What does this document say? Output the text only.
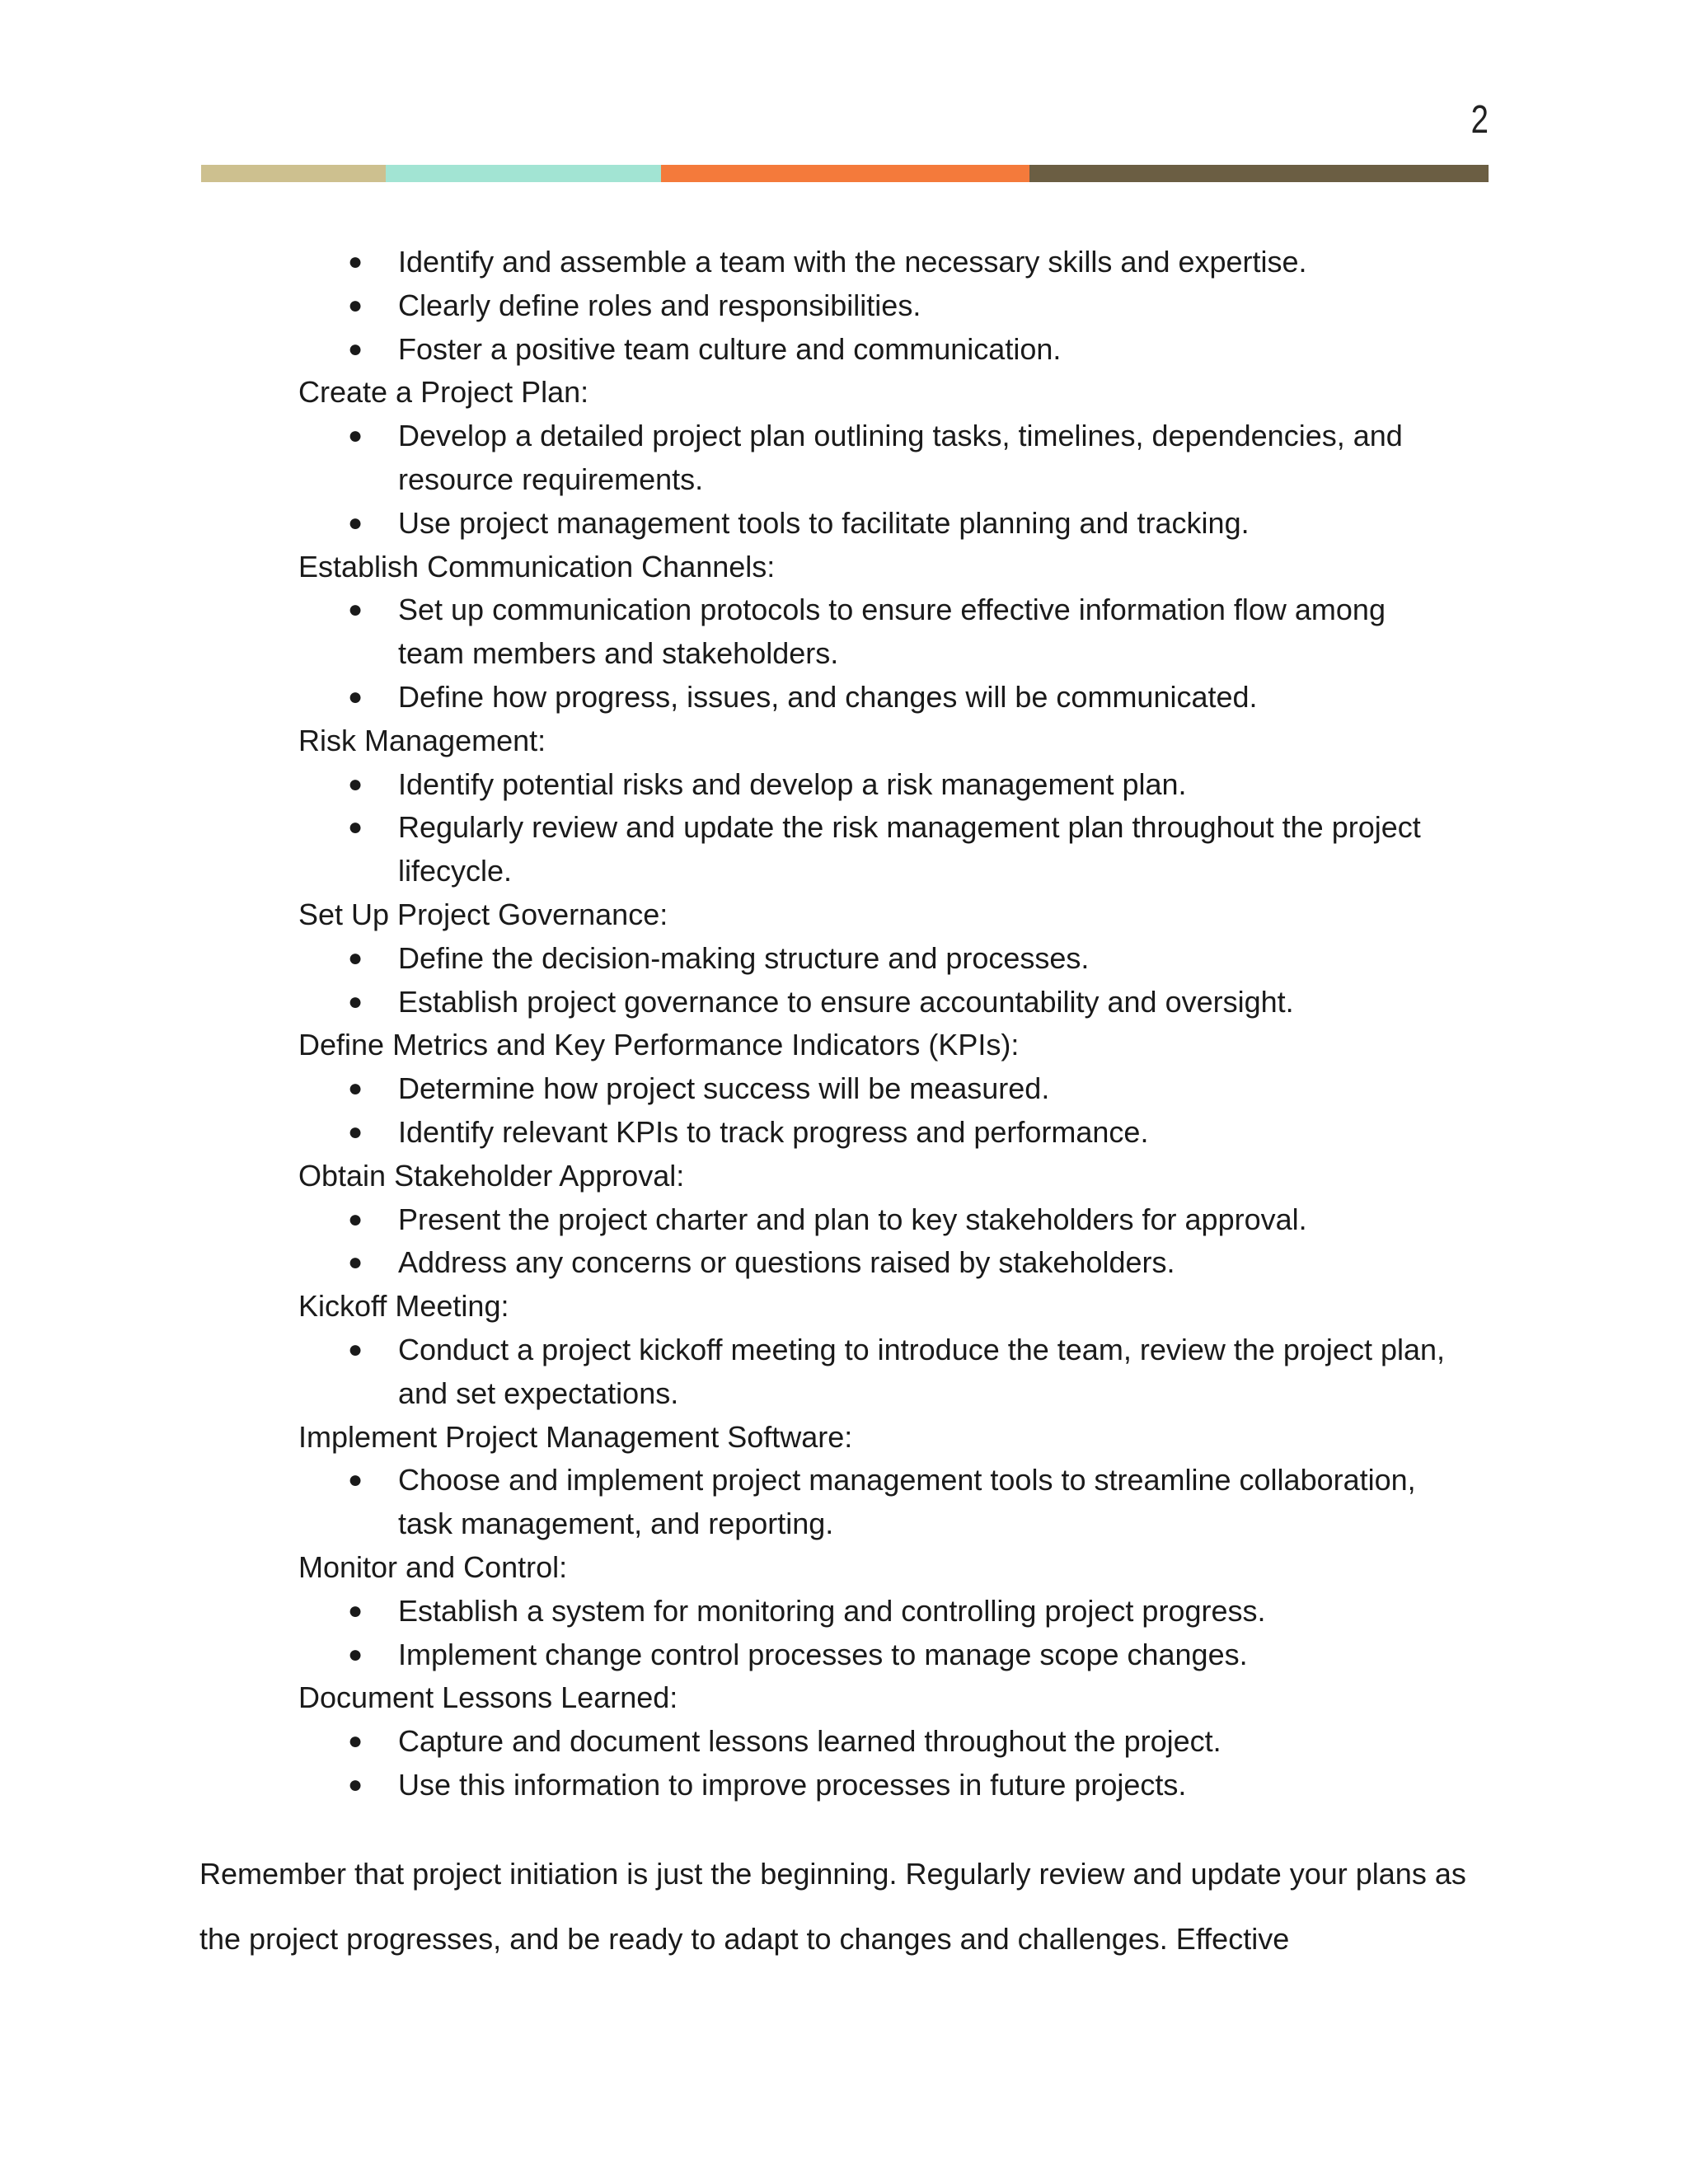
2
● Identify and assemble a team with the necessary skills and expertise.
● Clearly define roles and responsibilities.
● Foster a positive team culture and communication.
Create a Project Plan:
● Develop a detailed project plan outlining tasks, timelines, dependencies, and
resource requirements.
● Use project management tools to facilitate planning and tracking.
Establish Communication Channels:
● Set up communication protocols to ensure effective information flow among
team members and stakeholders.
● Define how progress, issues, and changes will be communicated.
Risk Management:
● Identify potential risks and develop a risk management plan.
● Regularly review and update the risk management plan throughout the project
lifecycle.
Set Up Project Governance:
● Define the decision-making structure and processes.
● Establish project governance to ensure accountability and oversight.
Define Metrics and Key Performance Indicators (KPIs):
● Determine how project success will be measured.
● Identify relevant KPIs to track progress and performance.
Obtain Stakeholder Approval:
● Present the project charter and plan to key stakeholders for approval.
● Address any concerns or questions raised by stakeholders.
Kickoff Meeting:
● Conduct a project kickoff meeting to introduce the team, review the project plan,
and set expectations.
Implement Project Management Software:
● Choose and implement project management tools to streamline collaboration,
task management, and reporting.
Monitor and Control:
● Establish a system for monitoring and controlling project progress.
● Implement change control processes to manage scope changes.
Document Lessons Learned:
● Capture and document lessons learned throughout the project.
● Use this information to improve processes in future projects.

Remember that project initiation is just the beginning. Regularly review and update your plans as

the project progresses, and be ready to adapt to changes and challenges. Effective
